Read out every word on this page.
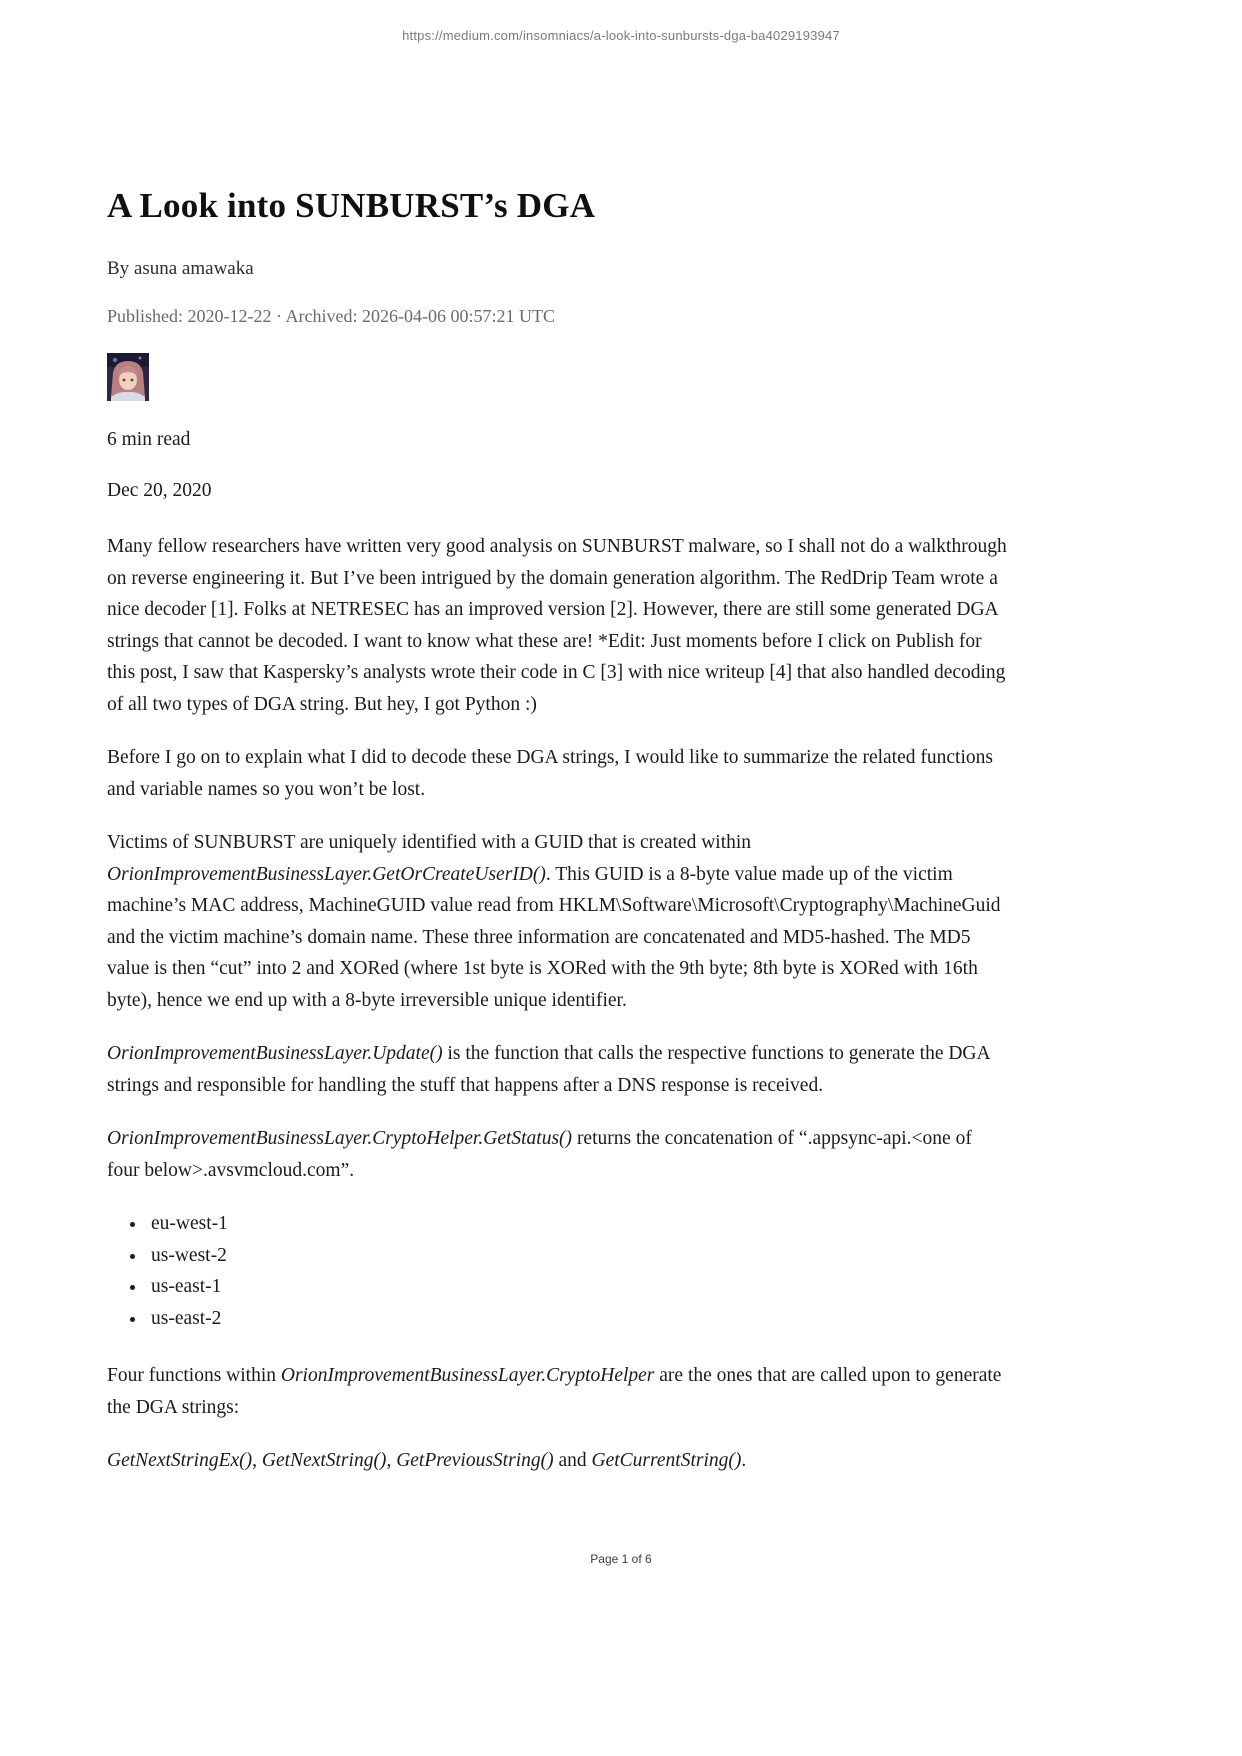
https://medium.com/insomniacs/a-look-into-sunbursts-dga-ba4029193947
A Look into SUNBURST’s DGA

By asuna amawaka

Published: 2020-12-22 · Archived: 2026-04-06 00:57:21 UTC

6 min read

Dec 20, 2020

Many fellow researchers have written very good analysis on SUNBURST malware, so I shall not do a walkthrough on reverse engineering it. But I’ve been intrigued by the domain generation algorithm. The RedDrip Team wrote a nice decoder [1]. Folks at NETRESEC has an improved version [2]. However, there are still some generated DGA strings that cannot be decoded. I want to know what these are! *Edit: Just moments before I click on Publish for this post, I saw that Kaspersky’s analysts wrote their code in C [3] with nice writeup [4] that also handled decoding of all two types of DGA string. But hey, I got Python :)

Before I go on to explain what I did to decode these DGA strings, I would like to summarize the related functions and variable names so you won’t be lost.

Victims of SUNBURST are uniquely identified with a GUID that is created within OrionImprovementBusinessLayer.GetOrCreateUserID(). This GUID is a 8-byte value made up of the victim machine’s MAC address, MachineGUID value read from HKLM\Software\Microsoft\Cryptography\MachineGuid and the victim machine’s domain name. These three information are concatenated and MD5-hashed. The MD5 value is then “cut” into 2 and XORed (where 1st byte is XORed with the 9th byte; 8th byte is XORed with 16th byte), hence we end up with a 8-byte irreversible unique identifier.

OrionImprovementBusinessLayer.Update() is the function that calls the respective functions to generate the DGA strings and responsible for handling the stuff that happens after a DNS response is received.

OrionImprovementBusinessLayer.CryptoHelper.GetStatus() returns the concatenation of “.appsync-api.<one of four below>.avsvmcloud.com”.

• eu-west-1
• us-west-2
• us-east-1
• us-east-2

Four functions within OrionImprovementBusinessLayer.CryptoHelper are the ones that are called upon to generate the DGA strings:

GetNextStringEx(), GetNextString(), GetPreviousString() and GetCurrentString().

Page 1 of 6
